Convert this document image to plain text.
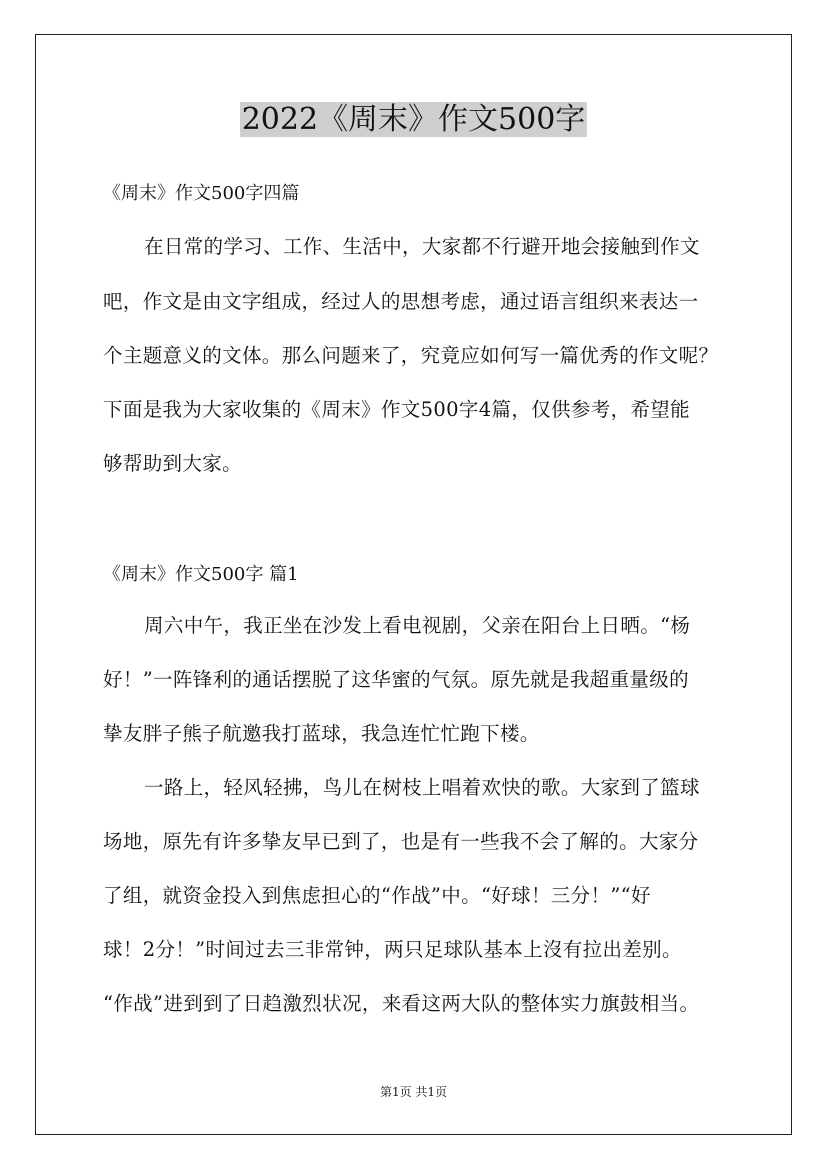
2022《周末》作文500字
《周末》作文500字四篇
在日常的学习、工作、生活中，大家都不行避开地会接触到作文
吧，作文是由文字组成，经过人的思想考虑，通过语言组织来表达一
个主题意义的文体。那么问题来了，究竟应如何写一篇优秀的作文呢？
下面是我为大家收集的《周末》作文500字4篇，仅供参考，希望能
够帮助到大家。
《周末》作文500字 篇1
周六中午，我正坐在沙发上看电视剧，父亲在阳台上日晒。“杨
好！”一阵锋利的通话摆脱了这华蜜的气氛。原先就是我超重量级的
挚友胖子熊子航邀我打蓝球，我急连忙忙跑下楼。
一路上，轻风轻拂，鸟儿在树枝上唱着欢快的歌。大家到了篮球
场地，原先有许多挚友早已到了，也是有一些我不会了解的。大家分
了组，就资金投入到焦虑担心的“作战”中。“好球！三分！”“好
球！2分！”时间过去三非常钟，两只足球队基本上沒有拉出差别。
“作战”进到到了日趋激烈状况，来看这两大队的整体实力旗鼓相当。
第1页 共1页
